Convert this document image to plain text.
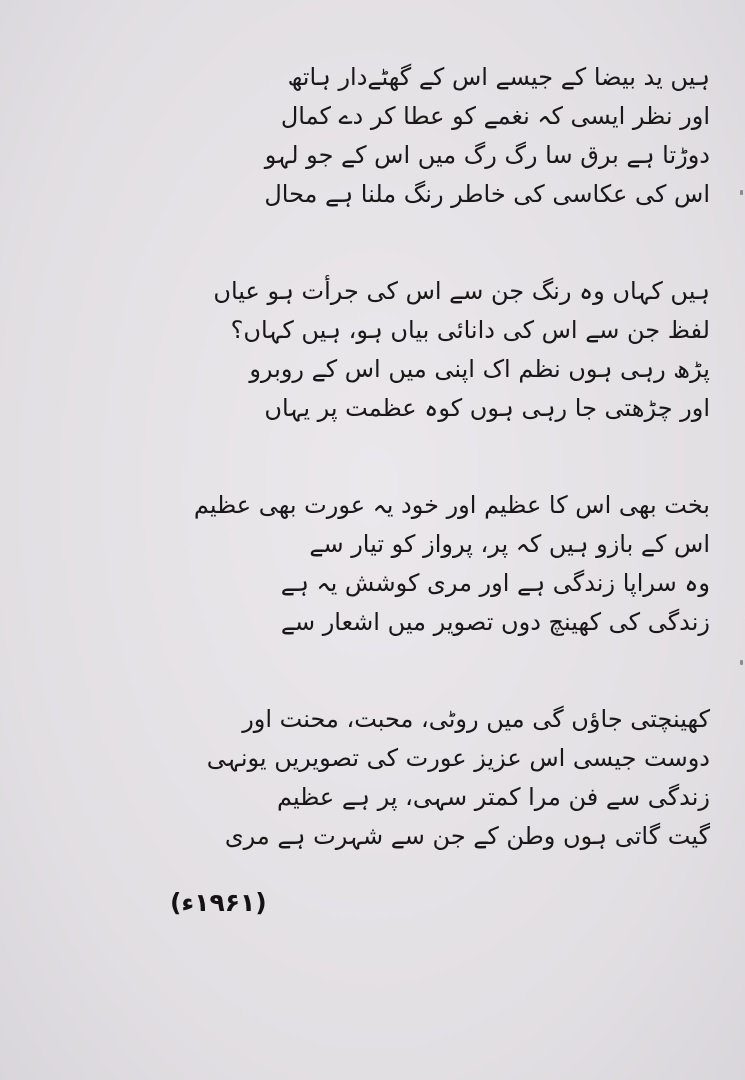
ہیں ید بیضا کے جیسے اس کے گھٹے‌دار ہاتھ
اور نظر ایسی کہ نغمے کو عطا کر دے کمال
دوڑتا ہے برق سا رگ رگ میں اس کے جو لہو
اس کی عکاسی کی خاطر رنگ ملنا ہے محال
ہیں کہاں وہ رنگ جن سے اس کی جرأت ہو عیاں
لفظ جن سے اس کی دانائی بیاں ہو، ہیں کہاں؟
پڑھ رہی ہوں نظم اک اپنی میں اس کے روبرو
اور چڑھتی جا رہی ہوں کوہ عظمت پر یہاں
بخت بھی اس کا عظیم اور خود یہ عورت بھی عظیم
اس کے بازو ہیں کہ پر، پرواز کو تیار سے
وہ سراپا زندگی ہے اور مری کوشش یہ ہے
زندگی کی کھینچ دوں تصویر میں اشعار سے
کھینچتی جاؤں گی میں روٹی، محبت، محنت اور
دوست جیسی اس عزیز عورت کی تصویریں یونہی
زندگی سے فن مرا کمتر سہی، پر ہے عظیم
گیت گاتی ہوں وطن کے جن سے شہرت ہے مری
(۱۹۶۱ء)
